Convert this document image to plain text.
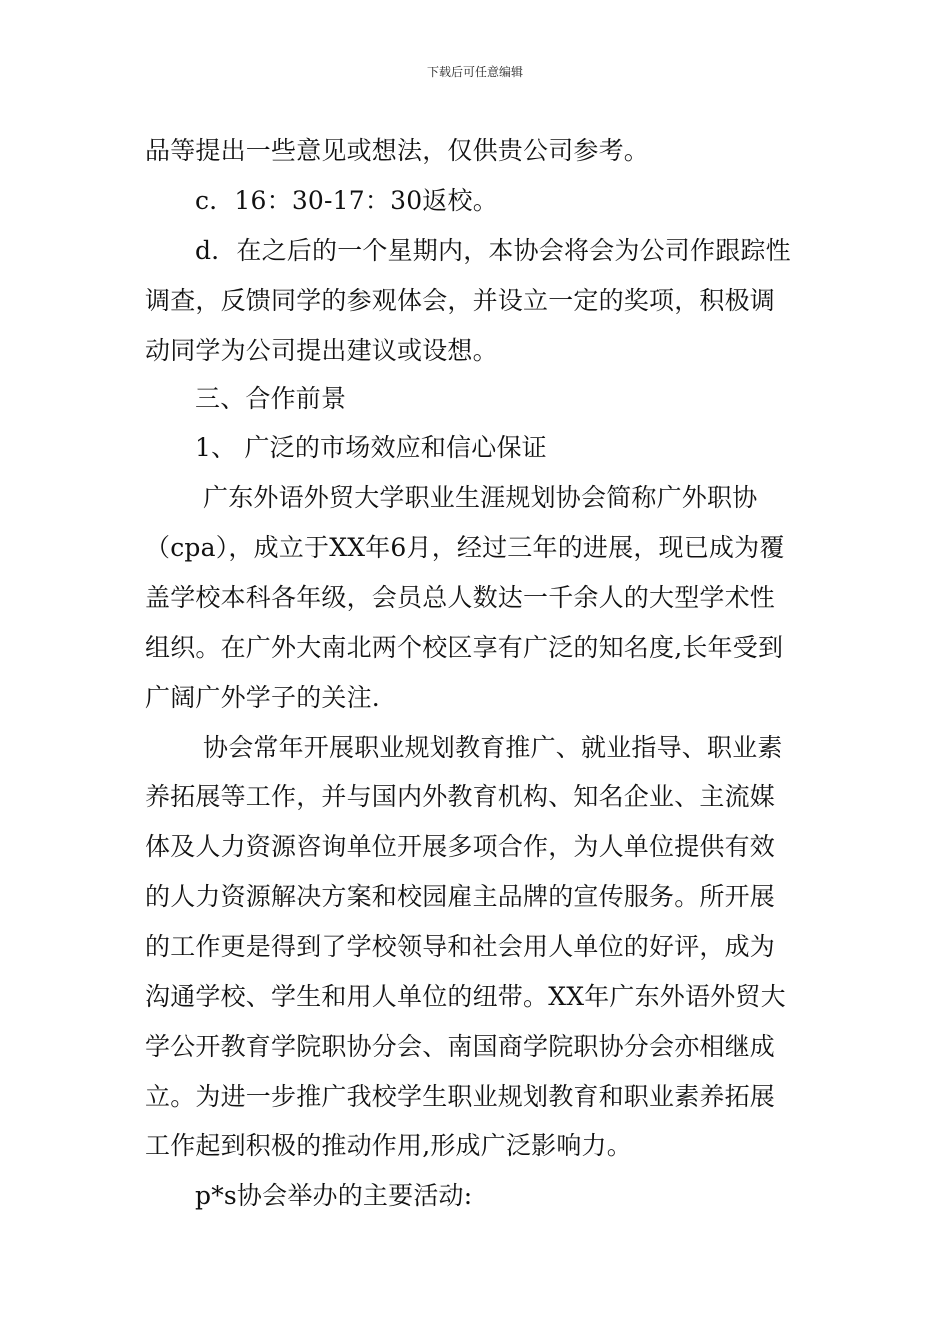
下载后可任意编辑
品等提出一些意见或想法，仅供贵公司参考。
c．16：30-17：30返校。
d．在之后的一个星期内，本协会将会为公司作跟踪性
调查，反馈同学的参观体会，并设立一定的奖项，积极调
动同学为公司提出建议或设想。
三、合作前景
1、 广泛的市场效应和信心保证
广东外语外贸大学职业生涯规划协会简称广外职协
（cpa），成立于XX年6月，经过三年的进展，现已成为覆
盖学校本科各年级，会员总人数达一千余人的大型学术性
组织。在广外大南北两个校区享有广泛的知名度,长年受到
广阔广外学子的关注.
协会常年开展职业规划教育推广、就业指导、职业素
养拓展等工作，并与国内外教育机构、知名企业、主流媒
体及人力资源咨询单位开展多项合作，为人单位提供有效
的人力资源解决方案和校园雇主品牌的宣传服务。所开展
的工作更是得到了学校领导和社会用人单位的好评，成为
沟通学校、学生和用人单位的纽带。XX年广东外语外贸大
学公开教育学院职协分会、南国商学院职协分会亦相继成
立。为进一步推广我校学生职业规划教育和职业素养拓展
工作起到积极的推动作用,形成广泛影响力。
p*s协会举办的主要活动:
